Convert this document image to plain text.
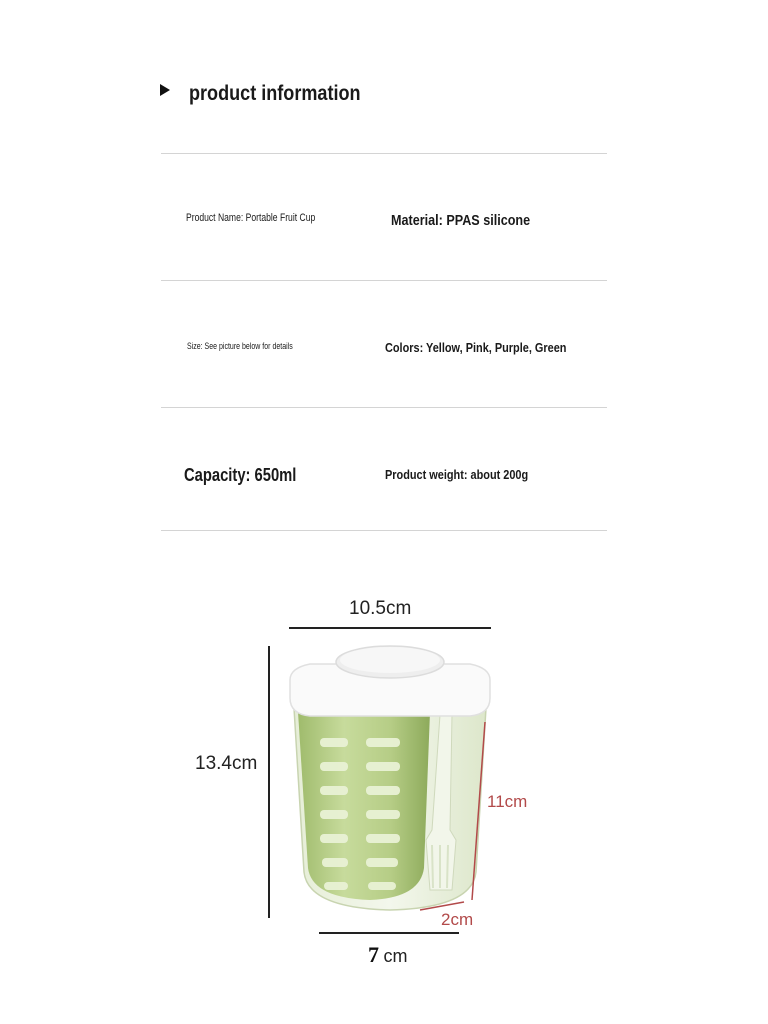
product information
Product Name: Portable Fruit Cup	Material: PPAS silicone
Size: See picture below for details	Colors: Yellow, Pink, Purple, Green
Capacity: 650ml	Product weight: about 200g
10.5cm
13.4cm
11cm
2cm
7 cm
